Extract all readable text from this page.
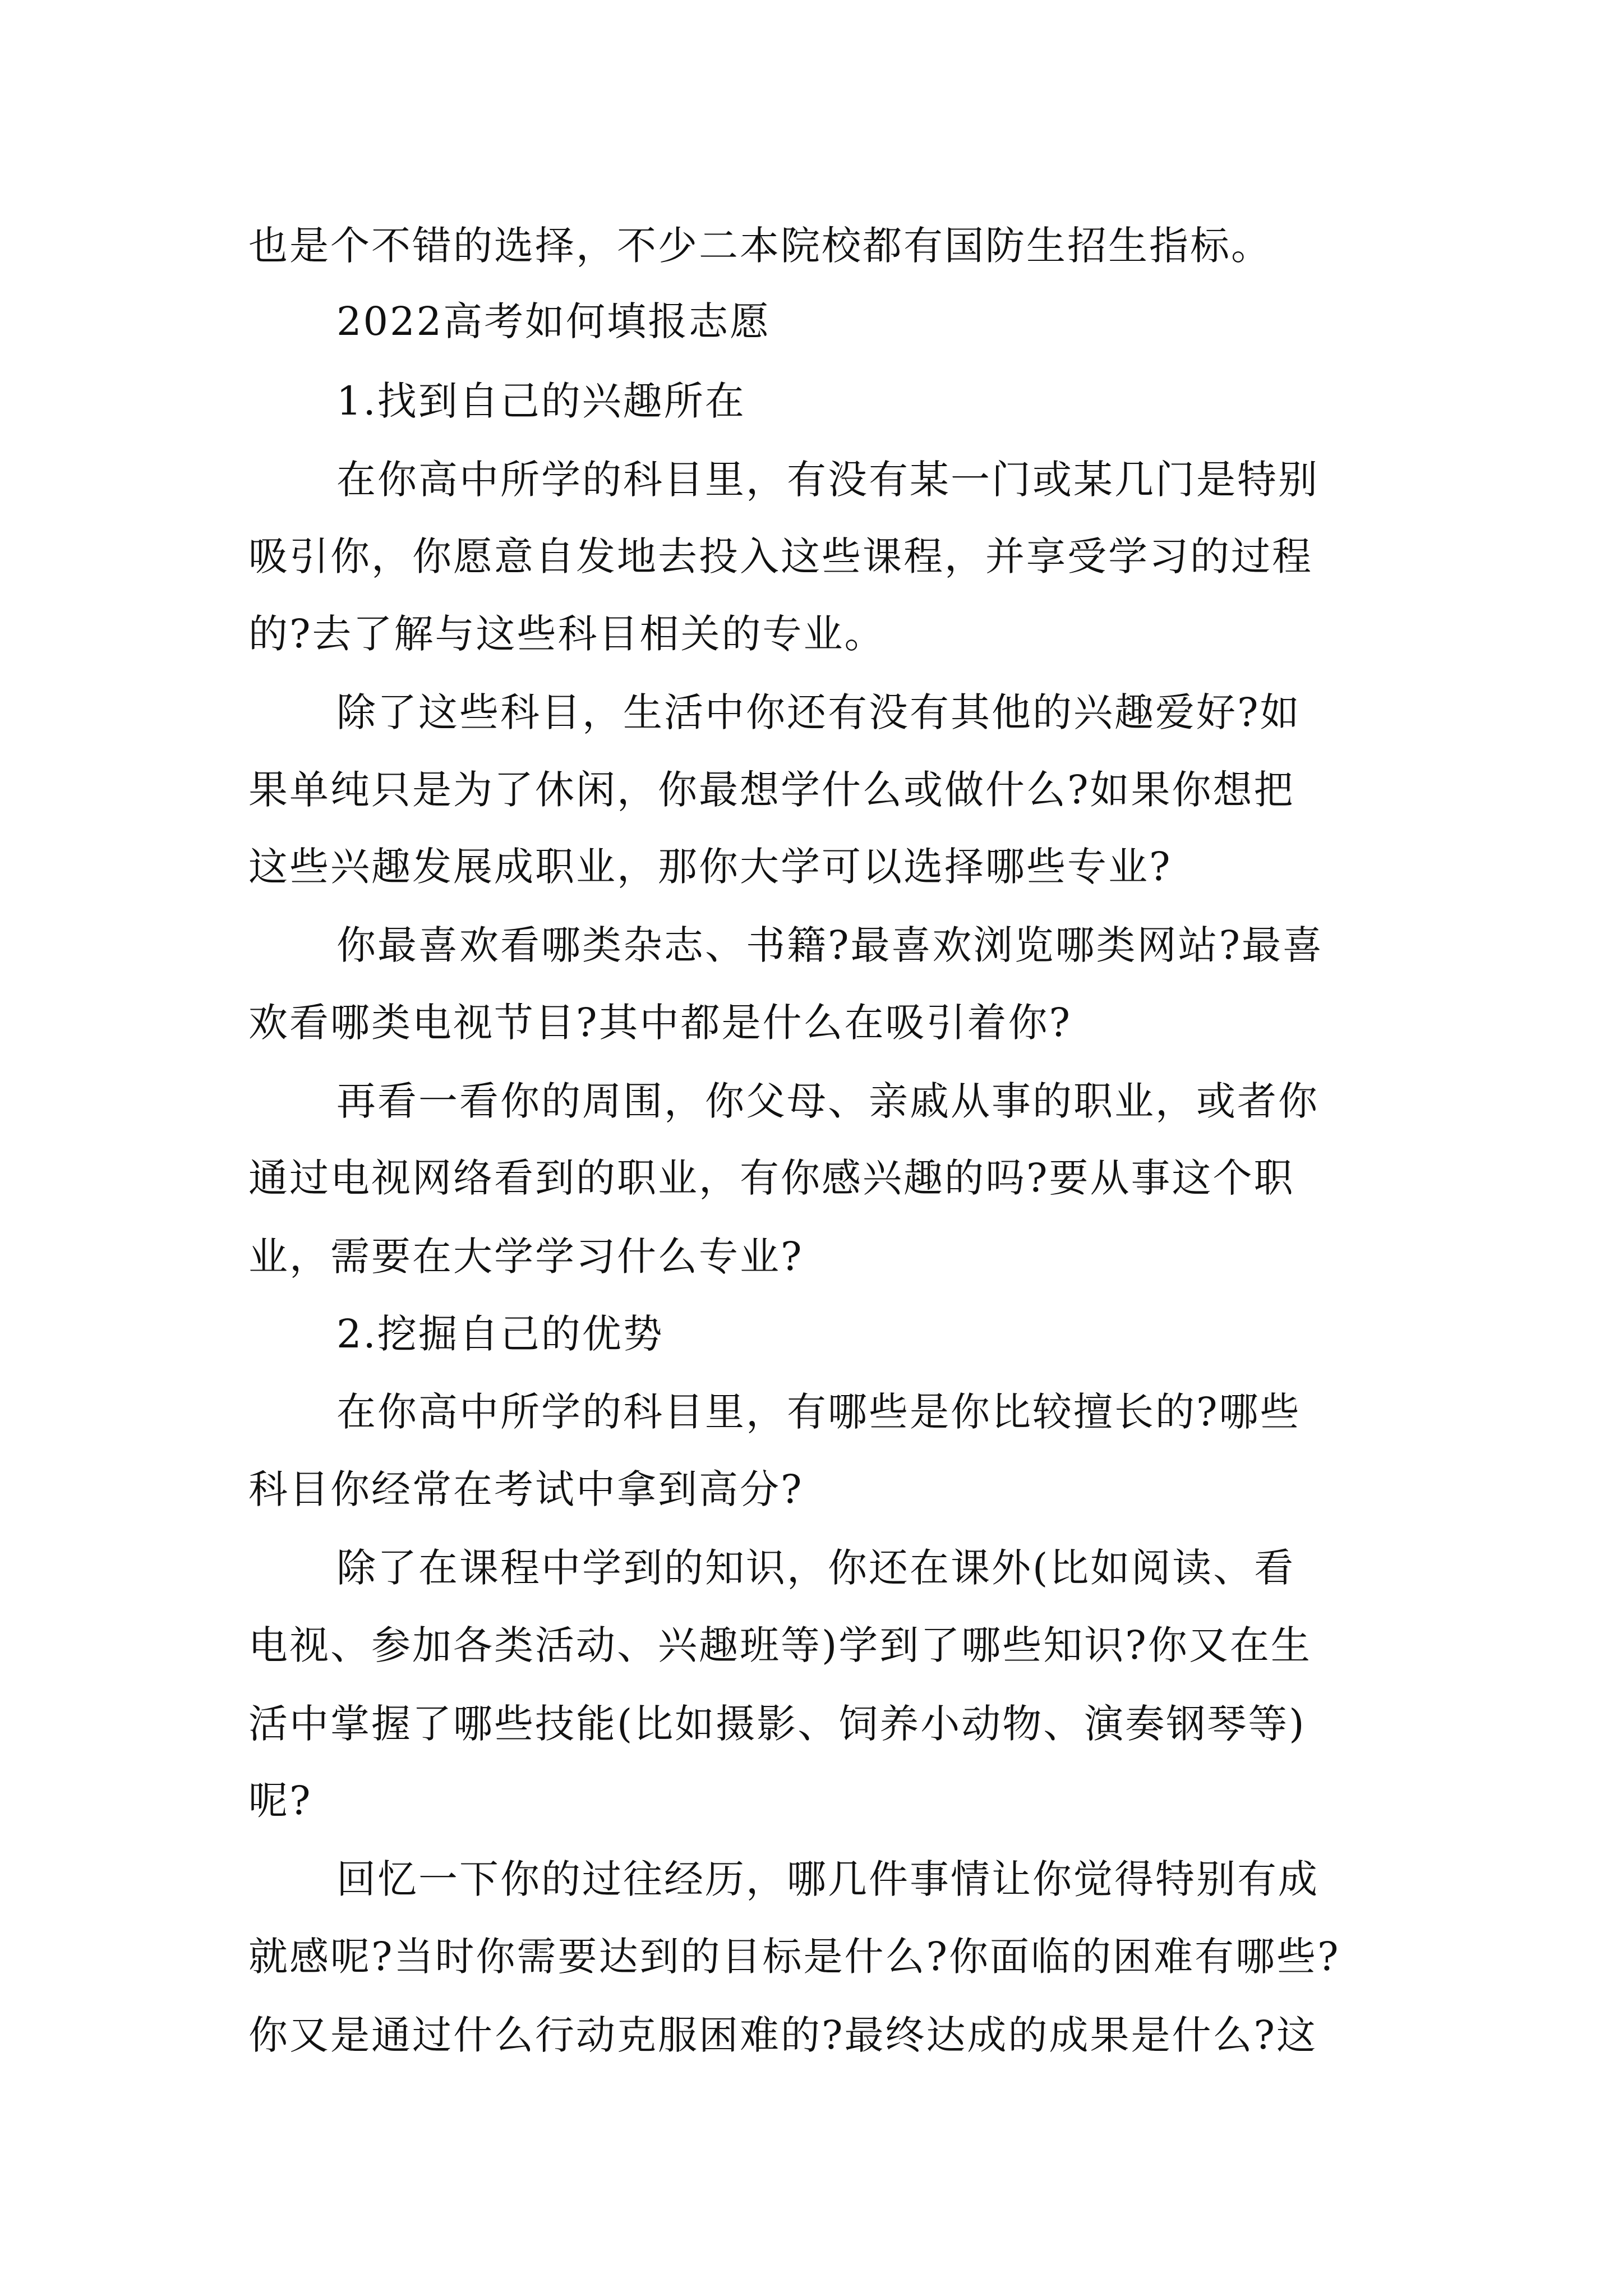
也是个不错的选择，不少二本院校都有国防生招生指标。
2022高考如何填报志愿
1.找到自己的兴趣所在
在你高中所学的科目里，有没有某一门或某几门是特别
吸引你，你愿意自发地去投入这些课程，并享受学习的过程
的?去了解与这些科目相关的专业。
除了这些科目，生活中你还有没有其他的兴趣爱好?如
果单纯只是为了休闲，你最想学什么或做什么?如果你想把
这些兴趣发展成职业，那你大学可以选择哪些专业?
你最喜欢看哪类杂志、书籍?最喜欢浏览哪类网站?最喜
欢看哪类电视节目?其中都是什么在吸引着你?
再看一看你的周围，你父母、亲戚从事的职业，或者你
通过电视网络看到的职业，有你感兴趣的吗?要从事这个职
业，需要在大学学习什么专业?
2.挖掘自己的优势
在你高中所学的科目里，有哪些是你比较擅长的?哪些
科目你经常在考试中拿到高分?
除了在课程中学到的知识，你还在课外(比如阅读、看
电视、参加各类活动、兴趣班等)学到了哪些知识?你又在生
活中掌握了哪些技能(比如摄影、饲养小动物、演奏钢琴等)
呢?
回忆一下你的过往经历，哪几件事情让你觉得特别有成
就感呢?当时你需要达到的目标是什么?你面临的困难有哪些?
你又是通过什么行动克服困难的?最终达成的成果是什么?这
